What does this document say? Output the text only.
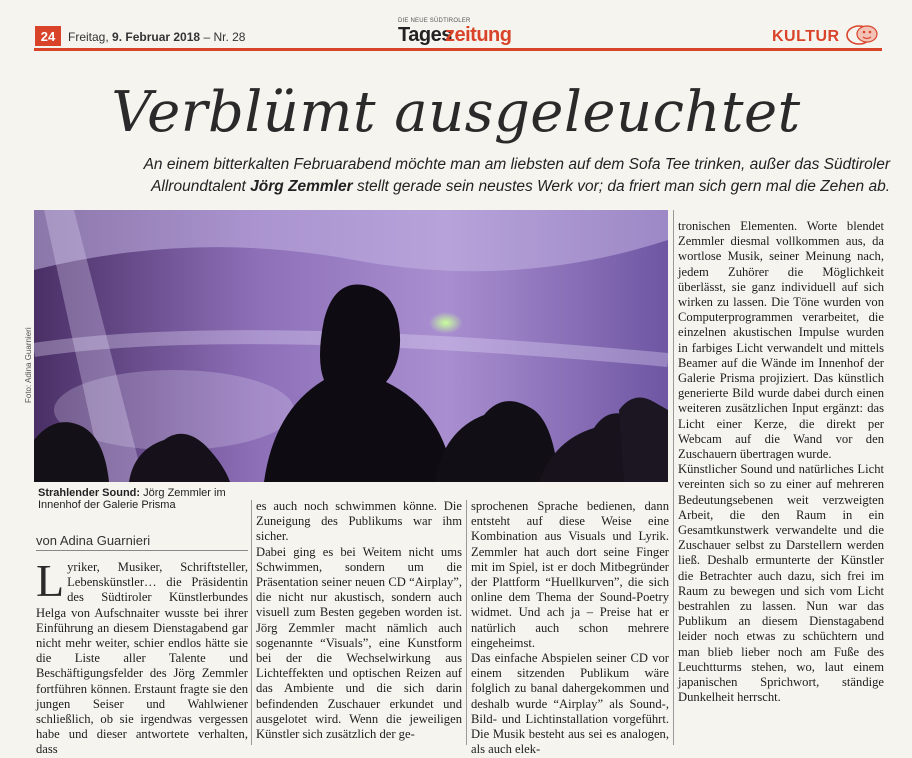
24	Freitag, 9. Februar 2018 – Nr. 28
DIE NEUE SÜDTIROLER
Tages
zeitung	KULTUR
Verblümt ausgeleuchtet
An einem bitterkalten Februarabend möchte man am liebsten auf dem Sofa Tee trinken, außer das Südtiroler Allroundtalent Jörg Zemmler stellt gerade sein neustes Werk vor; da friert man sich gern mal die Zehen ab.
Foto: Adina Guarnieri
Strahlender Sound: Jörg Zemmler im Innenhof der Galerie Prisma
von Adina Guarnieri

Lyriker, Musiker, Schriftsteller, Lebenskünstler… die Präsidentin des Südtiroler Künstlerbundes Helga von Aufschnaiter wusste bei ihrer Einführung an diesem Dienstagabend gar nicht mehr weiter, schier endlos hätte sie die Liste aller Talente und Beschäftigungsfelder des Jörg Zemmler fortführen können. Erstaunt fragte sie den jungen Seiser und Wahlwiener schließlich, ob sie irgendwas vergessen habe und dieser antwortete verhalten, dass

es auch noch schwimmen könne. Die Zuneigung des Publikums war ihm sicher.

Dabei ging es bei Weitem nicht ums Schwimmen, sondern um die Präsentation seiner neuen CD “Airplay”, die nicht nur akustisch, sondern auch visuell zum Besten gegeben worden ist. Jörg Zemmler macht nämlich auch sogenannte “Visuals”, eine Kunstform bei der die Wechselwirkung aus Lichteffekten und optischen Reizen auf das Ambiente und die sich darin befindenden Zuschauer erkundet und ausgelotet wird. Wenn die jeweiligen Künstler sich zusätzlich der ge-

sprochenen Sprache bedienen, dann entsteht auf diese Weise eine Kombination aus Visuals und Lyrik. Zemmler hat auch dort seine Finger mit im Spiel, ist er doch Mitbegründer der Plattform “Huellkurven”, die sich online dem Thema der Sound-Poetry widmet. Und ach ja – Preise hat er natürlich auch schon mehrere eingeheimst.

Das einfache Abspielen seiner CD vor einem sitzenden Publikum wäre folglich zu banal dahergekommen und deshalb wurde “Airplay” als Sound-, Bild- und Lichtinstallation vorgeführt. Die Musik besteht aus sei es analogen, als auch elek-

tronischen Elementen. Worte blendet Zemmler diesmal vollkommen aus, da wortlose Musik, seiner Meinung nach, jedem Zuhörer die Möglichkeit überlässt, sie ganz individuell auf sich wirken zu lassen. Die Töne wurden von Computerprogrammen verarbeitet, die einzelnen akustischen Impulse wurden in farbiges Licht verwandelt und mittels Beamer auf die Wände im Innenhof der Galerie Prisma projiziert. Das künstlich generierte Bild wurde dabei durch einen weiteren zusätzlichen Input ergänzt: das Licht einer Kerze, die direkt per Webcam auf die Wand vor den Zuschauern übertragen wurde.

Künstlicher Sound und natürliches Licht vereinten sich so zu einer auf mehreren Bedeutungsebenen weit verzweigten Arbeit, die den Raum in ein Gesamtkunstwerk verwandelte und die Zuschauer selbst zu Darstellern werden ließ. Deshalb ermunterte der Künstler die Betrachter auch dazu, sich frei im Raum zu bewegen und sich vom Licht bestrahlen zu lassen. Nun war das Publikum an diesem Dienstagabend leider noch etwas zu schüchtern und man blieb lieber noch am Fuße des Leuchtturms stehen, wo, laut einem japanischen Sprichwort, ständige Dunkelheit herrscht.
